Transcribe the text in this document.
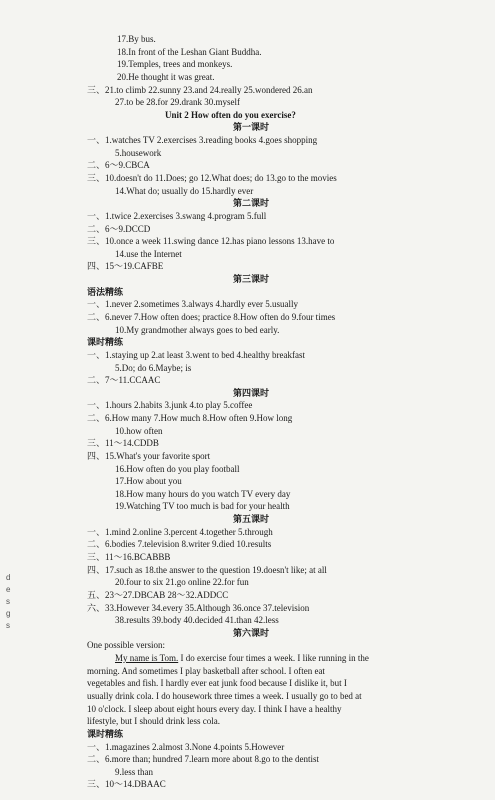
17.By bus.
18.In front of the Leshan Giant Buddha.
19.Temples, trees and monkeys.
20.He thought it was great.
三、21.to climb 22.sunny 23.and 24.really 25.wondered 26.an
27.to be 28.for 29.drank 30.myself
Unit 2 How often do you exercise?
第一课时
一、1.watches TV 2.exercises 3.reading books 4.goes shopping
5.housework
二、6～9.CBCA
三、10.doesn't do 11.Does; go 12.What does; do 13.go to the movies
14.What do; usually do 15.hardly ever
第二课时
一、1.twice 2.exercises 3.swang 4.program 5.full
二、6～9.DCCD
三、10.once a week 11.swing dance 12.has piano lessons 13.have to
14.use the Internet
四、15～19.CAFBE
第三课时
语法精练
一、1.never 2.sometimes 3.always 4.hardly ever 5.usually
二、6.never 7.How often does; practice 8.How often do 9.four times
10.My grandmother always goes to bed early.
课时精练
一、1.staying up 2.at least 3.went to bed 4.healthy breakfast
5.Do; do 6.Maybe; is
二、7～11.CCAAC
第四课时
一、1.hours 2.habits 3.junk 4.to play 5.coffee
二、6.How many 7.How much 8.How often 9.How long
10.how often
三、11～14.CDDB
四、15.What's your favorite sport
16.How often do you play football
17.How about you
18.How many hours do you watch TV every day
19.Watching TV too much is bad for your health
第五课时
一、1.mind 2.online 3.percent 4.together 5.through
二、6.bodies 7.television 8.writer 9.died 10.results
三、11～16.BCABBB
四、17.such as 18.the answer to the question 19.doesn't like; at all
20.four to six 21.go online 22.for fun
五、23～27.DBCAB 28～32.ADDCC
六、33.However 34.every 35.Although 36.once 37.television
38.results 39.body 40.decided 41.than 42.less
第六课时
One possible version:
My name is Tom. I do exercise four times a week. I like running in the
morning. And sometimes I play basketball after school. I often eat
vegetables and fish. I hardly ever eat junk food because I dislike it, but I
usually drink cola. I do housework three times a week. I usually go to bed at
10 o'clock. I sleep about eight hours every day. I think I have a healthy
lifestyle, but I should drink less cola.
课时精练
一、1.magazines 2.almost 3.None 4.points 5.However
二、6.more than; hundred 7.learn more about 8.go to the dentist
9.less than
三、10～14.DBAAC
d
e
s
g
s
